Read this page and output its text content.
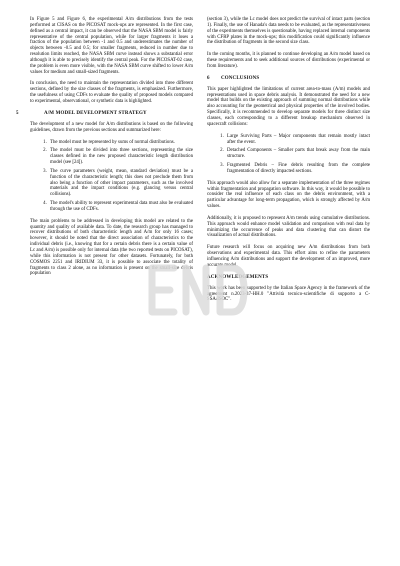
In Figure 5 and Figure 6, the experimental A/m distributions from the tests performed at CISAS on the PICOSAT mock-ups are represented. In the first case, defined as a central impact, it can be observed that the NASA SBM model is fairly representative of the central population, while for larger fragments it loses a fraction of the population between -1 and 0.5 and underestimates the number of objects between -0.5 and 0.5; for smaller fragments, reduced in number due to resolution limits reached, the NASA SBM curve instead shows a substantial error although it is able to precisely identify the central peak. For the PICOSAT-02 case, the problem is even more visible, with the NASA SBM curve shifted to lower A/m values for medium and small-sized fragments.

In conclusion, the need to maintain the representation divided into three different sections, defined by the size classes of the fragments, is emphasized. Furthermore, the usefulness of using CDFs to evaluate the quality of proposed models compared to experimental, observational, or synthetic data is highlighted.

5	A/M MODEL DEVELOPMENT STRATEGY

The development of a new model for A/m distributions is based on the following guidelines, drawn from the previous sections and summarized here:

1. The model must be represented by sums of normal distributions.
2. The model must be divided into three sections, representing the size classes defined in the new proposed characteristic length distribution model (see [24]).
3. The curve parameters (weight, mean, standard deviation) must be a function of the characteristic length; this does not preclude them from also being a function of other impact parameters, such as the involved materials and the impact conditions (e.g. glancing versus central collisions).
4. The model's ability to represent experimental data must also be evaluated through the use of CDFs.

The main problems to be addressed in developing this model are related to the quantity and quality of available data. To date, the research group has managed to recover distributions of both characteristic length and A/m for only 16 cases; however, it should be noted that the direct association of characteristics to the individual debris (i.e., knowing that for a certain debris there is a certain value of Lc and A/m) is possible only for internal data (the two reported tests on PICOSAT), while this information is not present for other datasets. Fortunately, for both COSMOS 2251 and IRIDIUM 33, it is possible to associate the totality of fragments to class 2 alone, as no information is present on the small-size debris population

(section 3), while the Lc model does not predict the survival of intact parts (section 1). Finally, the use of Hanada's data needs to be evaluated, as the representativeness of the experiments themselves is questionable, having replaced internal components with CFRP plates in the mock-ups; this modification could significantly influence the distribution of fragments in the second size class.

In the coming months, it is planned to continue developing an A/m model based on these requirements and to seek additional sources of distributions (experimental or from literature).

6 CONCLUSIONS

This paper highlighted the limitations of current area-to-mass (A/m) models and representations used in space debris analysis. It demonstrated the need for a new model that builds on the existing approach of summing normal distributions while also accounting for the geometrical and physical properties of the involved bodies. Specifically, it is recommended to develop separate models for three distinct size classes, each corresponding to a different breakup mechanism observed in spacecraft collisions:

1. Large Surviving Parts – Major components that remain mostly intact after the event.
2. Detached Components – Smaller parts that break away from the main structure.
3. Fragmented Debris – Fine debris resulting from the complete fragmentation of directly impacted sections.

This approach would also allow for a separate implementation of the three regimes within fragmentation and propagation software. In this way, it would be possible to consider the real influence of each class on the debris environment, with a particular advantage for long-term propagation, which is strongly affected by A/m values.

Additionally, it is proposed to represent A/m trends using cumulative distributions. This approach would enhance model validation and comparison with real data by minimizing the occurrence of peaks and data clustering that can distort the visualization of actual distributions.

Future research will focus on acquiring new A/m distributions from both observations and experimental data. This effort aims to refine the parameters influencing A/m distributions and support the development of an improved, more accurate model.

ACKNOWLEDGEMENTS

This work has been supported by the Italian Space Agency in the framework of the agreement n.2023-37-HH.0 "Attività tecnico-scientifiche di supporto a C-SSA/ISOC".
